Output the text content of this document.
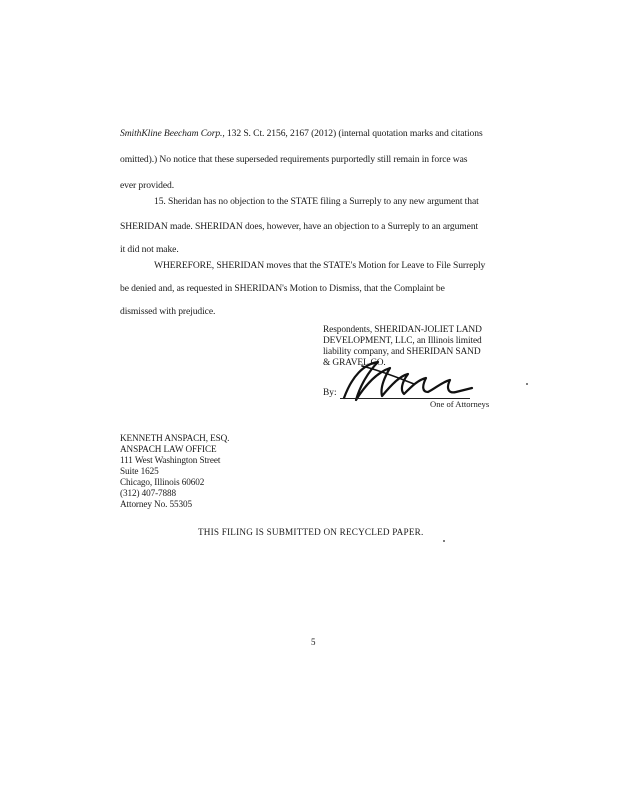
SmithKline Beecham Corp., 132 S. Ct. 2156, 2167 (2012) (internal quotation marks and citations
omitted).) No notice that these superseded requirements purportedly still remain in force was
ever provided.
15. Sheridan has no objection to the STATE filing a Surreply to any new argument that
SHERIDAN made. SHERIDAN does, however, have an objection to a Surreply to an argument
it did not make.
WHEREFORE, SHERIDAN moves that the STATE's Motion for Leave to File Surreply
be denied and, as requested in SHERIDAN's Motion to Dismiss, that the Complaint be
dismissed with prejudice.
Respondents, SHERIDAN-JOLIET LAND
DEVELOPMENT, LLC, an Illinois limited
liability company, and SHERIDAN SAND
& GRAVEL CO.
By:
One of Attorneys
KENNETH ANSPACH, ESQ.
ANSPACH LAW OFFICE
111 West Washington Street
Suite 1625
Chicago, Illinois 60602
(312) 407-7888
Attorney No. 55305
THIS FILING IS SUBMITTED ON RECYCLED PAPER.
5
